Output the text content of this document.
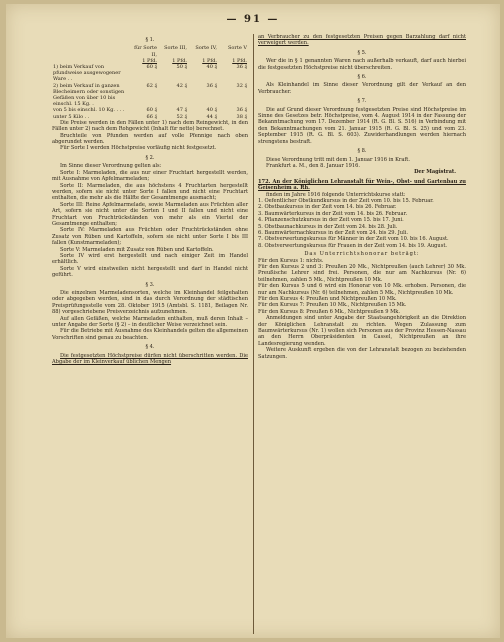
— 91 —
§ 1.
	für Sorte II,	Sorte III,	Sorte IV,	Sorte V
	1 Pfd.	1 Pfd.	1 Pfd.	1 Pfd.
1) beim Verkauf von pfundweise ausgewogener Ware . .	60 ₰	50 ₰	40 ₰	36 ₰
2) beim Verkauf in ganzen Blecheimern oder sonstigen Gefäßen von über 10 bis einschl. 15 Kg. .	62 ₰	42 ₰	36 ₰	32 ₰
von 5 bis einschl. 10 Kg. . . .	60 ₰	47 ₰	40 ₰	36 ₰
unter 5 Kilo . .	66 ₰	52 ₰	44 ₰	38 ₰

Die Preise werden in den Fällen unter 1) nach dem Reingewicht, in den Fällen unter 2) nach dem Rohgewicht (Inhalt für netto) berechnet.

Bruchteile von Pfunden werden auf volle Pfennige nach oben abgerundet werden.

Für Sorte I werden Höchstpreise vorläufig nicht festgesetzt.

§ 2.

Im Sinne dieser Verordnung gelten als:

Sorte I: Marmeladen, die aus nur einer Fruchtart hergestellt werden, mit Ausnahme von Apfelmarmeladen;

Sorte II: Marmeladen, die aus höchstens 4 Fruchtarten hergestellt werden, sofern sie nicht unter Sorte I fallen und nicht eine Fruchtart enthalten, die mehr als die Hälfte der Gesamtmenge ausmacht;

Sorte III: Reine Apfelmarmelade, sowie Marmeladen aus Früchten aller Art, sofern sie nicht unter die Sorten I und II fallen und nicht eine Fruchtart von Fruchtrückständen von mehr als ein Viertel der Gesamtmenge enthalten;

Sorte IV: Marmeladen aus Früchten oder Fruchtrückständen ohne Zusatz von Rüben und Kartoffeln, sofern sie nicht unter Sorte I bis III fallen (Kunstmarmeladen);

Sorte V: Marmeladen mit Zusatz von Rüben und Kartoffeln.

Sorte IV wird erst hergestellt und nach einiger Zeit im Handel erhältlich.

Sorte V wird einstweilen nicht hergestellt und darf in Handel nicht geführt.

§ 3.

Die einzelnen Marmeladensorten, welche im Kleinhandel feilgehalten oder abgegeben werden, sind in das durch Verordnung der städtischen Preisprüfungsstelle vom 28. Oktober 1915 (Amtsbl. S. 1181, Beilagen Nr. 88) vorgeschriebene Preisverzeichnis aufzunehmen.

Auf allen Gefäßen, welche Marmeladen enthalten, muß deren Inhalt – unter Angabe der Sorte (§ 2) – in deutlicher Weise verzeichnet sein.

Für die Betriebe mit Ausnahme des Kleinhandels gelten die allgemeinen Vorschriften sind genau zu beachten.

§ 4.

Die festgesetzten Höchstpreise dürfen nicht überschritten werden. Die Abgabe der im Kleinverkauf üblichen Mengen

an Verbraucher zu den festgesetzten Preisen gegen Barzahlung darf nicht verweigert werden.

§ 5.

Wer die in § 1 genannten Waren nach außerhalb verkauft, darf auch hierbei die festgesetzten Höchstpreise nicht überschreiten.

§ 6.

Als Kleinhandel im Sinne dieser Verordnung gilt der Verkauf an den Verbraucher.

§ 7.

Die auf Grund dieser Verordnung festgesetzten Preise sind Höchstpreise im Sinne des Gesetzes betr. Höchstpreise, vom 4. August 1914 in der Fassung der Bekanntmachung vom 17. Dezember 1914 (R. G. Bl. S. 516) in Verbindung mit den Bekanntmachungen vom 21. Januar 1915 (R. G. Bl. S. 25) und vom 23. September 1915 (R. G. Bl. S. 603). Zuwiderhandlungen werden hiernach strengstens bestraft.

§ 8.

Diese Verordnung tritt mit dem 1. Januar 1916 in Kraft.

Frankfurt a. M., den 8. Januar 1916.

Der Magistrat.

172. An der Königlichen Lehranstalt für Wein-, Obst- und Gartenbau zu Geisenheim a. Rh.

finden im Jahre 1916 folgende Unterrichtskurse statt:

1. Oefentlicher Obstkundkursus in der Zeit vom 10. bis 15. Februar.

2. Obstbaukursus in der Zeit vom 14. bis 26. Februar.

3. Baumwärterkursus in der Zeit vom 14. bis 26. Februar.

4. Pflanzenschutzkursus in der Zeit vom 15. bis 17. Juni.

5. Obstbaunachkursus in der Zeit vom 24. bis 28. Juli.

6. Baumwärternachkursus in der Zeit vom 24. bis 29. Juli.

7. Obstverwertungskursus für Männer in der Zeit vom 10. bis 16. August.

8. Obstverwertungskursus für Frauen in der Zeit vom 14. bis 19. August.

Das Unterrichtshonorar beträgt:

Für den Kursus 1: nichts.

Für den Kursus 2 und 3: Preußen 20 Mk., Nichtpreußen (auch Lehrer) 30 Mk. Preußische Lehrer sind frei. Personen, die nur am Nachkursus (Nr. 6) teilnehmen, zahlen 5 Mk., Nichtpreußen 10 Mk.

Für den Kursus 5 und 6 wird ein Honorar von 10 Mk. erhoben. Personen, die nur am Nachkursus (Nr. 6) teilnehmen, zahlen 5 Mk., Nichtpreußen 10 Mk.

Für den Kursus 4: Preußen und Nichtpreußen 10 Mk.

Für den Kursus 7: Preußen 10 Mk., Nichtpreußen 15 Mk.

Für den Kursus 8: Preußen 6 Mk., Nichtpreußen 9 Mk.

Anmeldungen sind unter Angabe der Staatsangehörigkeit an die Direktion der Königlichen Lehranstalt zu richten. Wegen Zulassung zum Baumwärterkursus (Nr. 1) wollen sich Personen aus der Provinz Hessen-Nassau an den Herrn Oberpräsidenten in Cassel, Nichtpreußen an ihre Landesregierung wenden.

Weitere Auskunft ergeben die von der Lehranstalt bezogen zu beziehenden Satzungen.
